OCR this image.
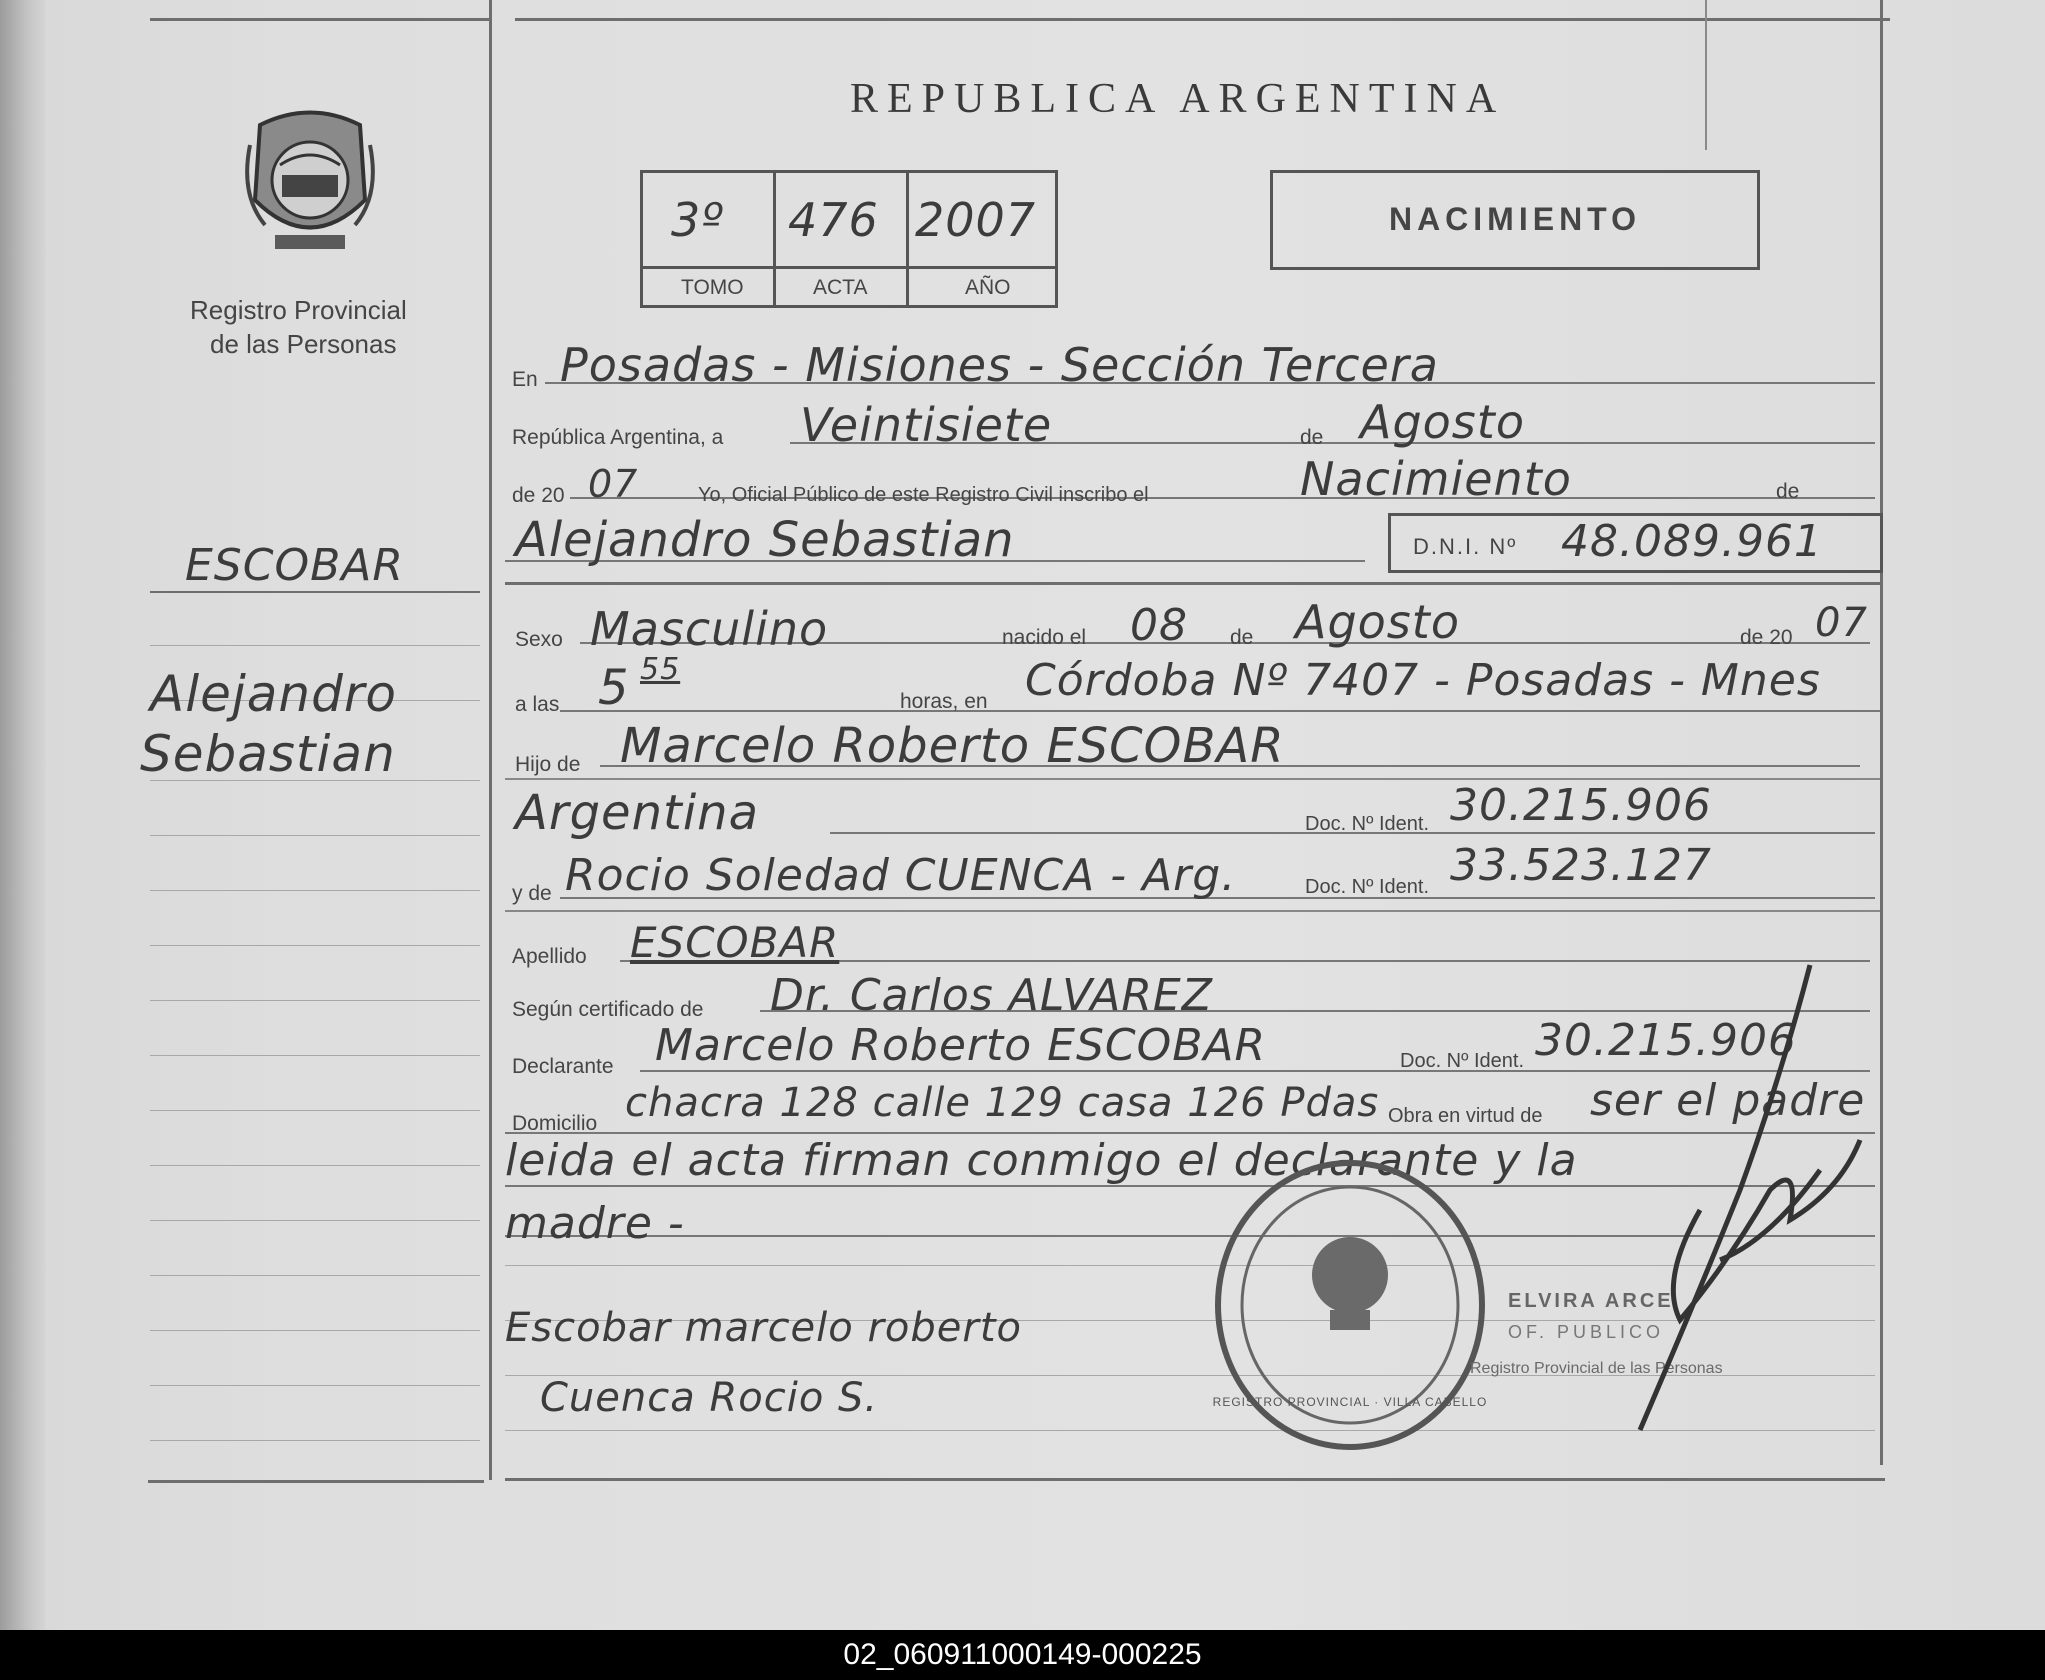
Registro Provincial
de las Personas
ESCOBAR
Alejandro
Sebastian
REPUBLICA ARGENTINA
3º 476 2007
TOMO	ACTA	AÑO
NACIMIENTO
En Posadas - Misiones - Sección Tercera
República Argentina, a Veintisiete	de Agosto
de 20 07	Yo, Oficial Público de este Registro Civil inscribo el	Nacimiento	de
Alejandro Sebastian	D.N.I. Nº 48.089.961
Sexo Masculino	nacido el 08 de Agosto	de 20 07
a las 5 55
horas, en Córdoba Nº 7407 - Posadas - Mnes
Hijo de Marcelo Roberto ESCOBAR
Argentina	Doc. Nº Ident. 30.215.906
y de Rocio Soledad CUENCA - Arg.	Doc. Nº Ident. 33.523.127
Apellido ESCOBAR
Según certificado de Dr. Carlos ALVAREZ
Declarante Marcelo Roberto ESCOBAR	Doc. Nº Ident. 30.215.906
Domicilio chacra 128 calle 129 casa 126 Pdas Obra en virtud de ser el padre
leida el acta firman conmigo el declarante y la
madre -
REGISTRO PROVINCIAL · VILLA CABELLO
ELVIRA ARCE
OF. PUBLICO
Registro Provincial de las Personas
Escobar marcelo roberto
Cuenca Rocio S.
02_060911000149-000225
